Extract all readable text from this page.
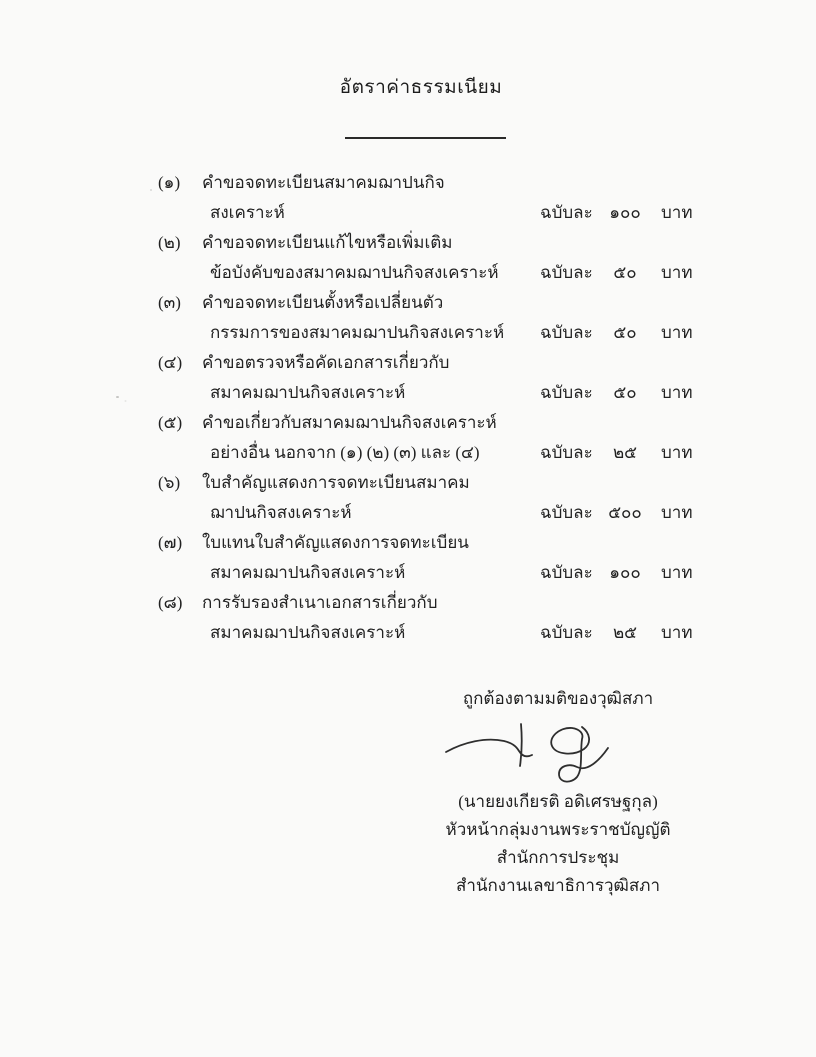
อัตราค่าธรรมเนียม
(๑)	คำขอจดทะเบียนสมาคมฌาปนกิจ
สงเคราะห์	ฉบับละ ๑๐๐	บาท
(๒)	คำขอจดทะเบียนแก้ไขหรือเพิ่มเติม
ข้อบังคับของสมาคมฌาปนกิจสงเคราะห์	ฉบับละ	๕๐	บาท
(๓)	คำขอจดทะเบียนตั้งหรือเปลี่ยนตัว
กรรมการของสมาคมฌาปนกิจสงเคราะห์	ฉบับละ	๕๐	บาท
(๔)	คำขอตรวจหรือคัดเอกสารเกี่ยวกับ
สมาคมฌาปนกิจสงเคราะห์	ฉบับละ	๕๐	บาท
(๕)	คำขอเกี่ยวกับสมาคมฌาปนกิจสงเคราะห์
อย่างอื่น นอกจาก (๑) (๒) (๓) และ (๔)	ฉบับละ	๒๕	บาท
(๖)	ใบสำคัญแสดงการจดทะเบียนสมาคม
ฌาปนกิจสงเคราะห์	ฉบับละ ๕๐๐	บาท
(๗)	ใบแทนใบสำคัญแสดงการจดทะเบียน
สมาคมฌาปนกิจสงเคราะห์	ฉบับละ ๑๐๐	บาท
(๘)	การรับรองสำเนาเอกสารเกี่ยวกับ
สมาคมฌาปนกิจสงเคราะห์	ฉบับละ	๒๕	บาท
ถูกต้องตามมติของวุฒิสภา
(นายยงเกียรติ อดิเศรษฐกุล)
หัวหน้ากลุ่มงานพระราชบัญญัติ
สำนักการประชุม
สำนักงานเลขาธิการวุฒิสภา
